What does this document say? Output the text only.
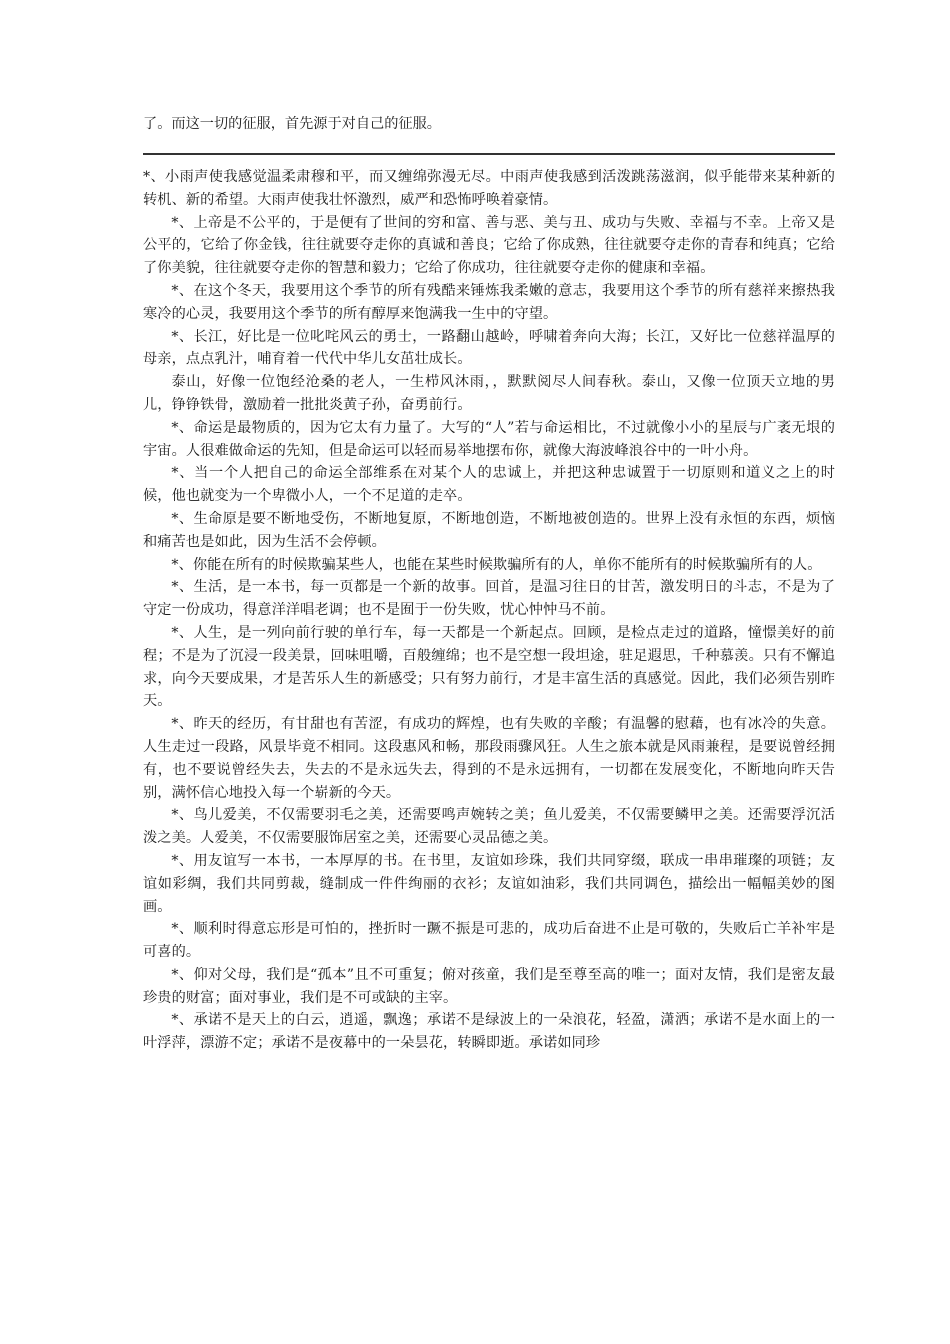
了。而这一切的征服，首先源于对自己的征服。

*、小雨声使我感觉温柔肃穆和平，而又缠绵弥漫无尽。中雨声使我感到活泼跳荡滋润，似乎能带来某种新的转机、新的希望。大雨声使我壮怀激烈，威严和恐怖呼唤着豪情。

*、上帝是不公平的，于是便有了世间的穷和富、善与恶、美与丑、成功与失败、幸福与不幸。上帝又是公平的，它给了你金钱，往往就要夺走你的真诚和善良；它给了你成熟，往往就要夺走你的青春和纯真；它给了你美貌，往往就要夺走你的智慧和毅力；它给了你成功，往往就要夺走你的健康和幸福。

*、在这个冬天，我要用这个季节的所有残酷来锤炼我柔嫩的意志，我要用这个季节的所有慈祥来擦热我寒冷的心灵，我要用这个季节的所有醇厚来饱满我一生中的守望。

*、长江，好比是一位叱咤风云的勇士，一路翻山越岭，呼啸着奔向大海；长江，又好比一位慈祥温厚的母亲，点点乳汁，哺育着一代代中华儿女茁壮成长。

泰山，好像一位饱经沧桑的老人，一生栉风沐雨，，默默阅尽人间春秋。泰山，又像一位顶天立地的男儿，铮铮铁骨，激励着一批批炎黄子孙，奋勇前行。

*、命运是最物质的，因为它太有力量了。大写的“人”若与命运相比，不过就像小小的星辰与广袤无垠的宇宙。人很难做命运的先知，但是命运可以轻而易举地摆布你，就像大海波峰浪谷中的一叶小舟。

*、当一个人把自己的命运全部维系在对某个人的忠诚上，并把这种忠诚置于一切原则和道义之上的时候，他也就变为一个卑微小人，一个不足道的走卒。

*、生命原是要不断地受伤，不断地复原，不断地创造，不断地被创造的。世界上没有永恒的东西，烦恼和痛苦也是如此，因为生活不会停顿。

*、你能在所有的时候欺骗某些人，也能在某些时候欺骗所有的人，单你不能所有的时候欺骗所有的人。

*、生活，是一本书，每一页都是一个新的故事。回首，是温习往日的甘苦，激发明日的斗志，不是为了守定一份成功，得意洋洋唱老调；也不是囿于一份失败，忧心忡忡马不前。

*、人生，是一列向前行驶的单行车，每一天都是一个新起点。回顾，是检点走过的道路，憧憬美好的前程；不是为了沉浸一段美景，回味咀嚼，百般缠绵；也不是空想一段坦途，驻足遐思，千种慕羡。只有不懈追求，向今天要成果，才是苦乐人生的新感受；只有努力前行，才是丰富生活的真感觉。因此，我们必须告别昨天。

*、昨天的经历，有甘甜也有苦涩，有成功的辉煌，也有失败的辛酸；有温馨的慰藉，也有冰冷的失意。人生走过一段路，风景毕竟不相同。这段惠风和畅，那段雨骤风狂。人生之旅本就是风雨兼程，是要说曾经拥有，也不要说曾经失去，失去的不是永远失去，得到的不是永远拥有，一切都在发展变化，不断地向昨天告别，满怀信心地投入每一个崭新的今天。

*、鸟儿爱美，不仅需要羽毛之美，还需要鸣声婉转之美；鱼儿爱美，不仅需要鳞甲之美。还需要浮沉活泼之美。人爱美，不仅需要服饰居室之美，还需要心灵品德之美。

*、用友谊写一本书，一本厚厚的书。在书里，友谊如珍珠，我们共同穿缀，联成一串串璀璨的项链；友谊如彩绸，我们共同剪裁，缝制成一件件绚丽的衣衫；友谊如油彩，我们共同调色，描绘出一幅幅美妙的图画。

*、顺利时得意忘形是可怕的，挫折时一蹶不振是可悲的，成功后奋进不止是可敬的，失败后亡羊补牢是可喜的。

*、仰对父母，我们是“孤本”且不可重复；俯对孩童，我们是至尊至高的唯一；面对友情，我们是密友最珍贵的财富；面对事业，我们是不可或缺的主宰。

*、承诺不是天上的白云，逍遥，飘逸；承诺不是绿波上的一朵浪花，轻盈，潇洒；承诺不是水面上的一叶浮萍，漂游不定；承诺不是夜幕中的一朵昙花，转瞬即逝。承诺如同珍
